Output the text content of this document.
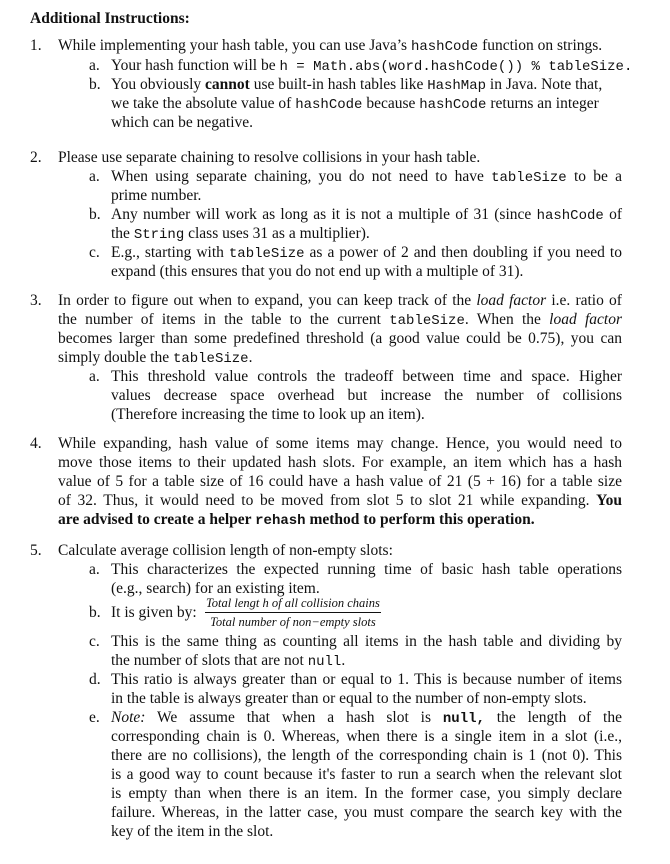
Additional Instructions:
1. While implementing your hash table, you can use Java’s hashCode function on strings.
a. Your hash function will be h = Math.abs(word.hashCode()) % tableSize.
b. You obviously cannot use built-in hash tables like HashMap in Java. Note that,
we take the absolute value of hashCode because hashCode returns an integer
which can be negative.
2. Please use separate chaining to resolve collisions in your hash table.
a. When using separate chaining, you do not need to have tableSize to be a
prime number.
b. Any number will work as long as it is not a multiple of 31 (since hashCode of
the String class uses 31 as a multiplier).
c. E.g., starting with tableSize as a power of 2 and then doubling if you need to
expand (this ensures that you do not end up with a multiple of 31).
3. In order to figure out when to expand, you can keep track of the load factor i.e. ratio of
the number of items in the table to the current tableSize. When the load factor
becomes larger than some predefined threshold (a good value could be 0.75), you can
simply double the tableSize.
a. This threshold value controls the tradeoff between time and space. Higher
values decrease space overhead but increase the number of collisions
(Therefore increasing the time to look up an item).
4. While expanding, hash value of some items may change. Hence, you would need to
move those items to their updated hash slots. For example, an item which has a hash
value of 5 for a table size of 16 could have a hash value of 21 (5 + 16) for a table size
of 32. Thus, it would need to be moved from slot 5 to slot 21 while expanding. You
are advised to create a helper rehash method to perform this operation.
5. Calculate average collision length of non-empty slots:
a. This characterizes the expected running time of basic hash table operations
(e.g., search) for an existing item.
b. It is given by:
Total lengt h of all collision chains
Total number of non−empty slots
c. This is the same thing as counting all items in the hash table and dividing by
the number of slots that are not null.
d. This ratio is always greater than or equal to 1. This is because number of items
in the table is always greater than or equal to the number of non-empty slots.
e. Note: We assume that when a hash slot is null, the length of the
corresponding chain is 0. Whereas, when there is a single item in a slot (i.e.,
there are no collisions), the length of the corresponding chain is 1 (not 0). This
is a good way to count because it's faster to run a search when the relevant slot
is empty than when there is an item. In the former case, you simply declare
failure. Whereas, in the latter case, you must compare the search key with the
key of the item in the slot.
